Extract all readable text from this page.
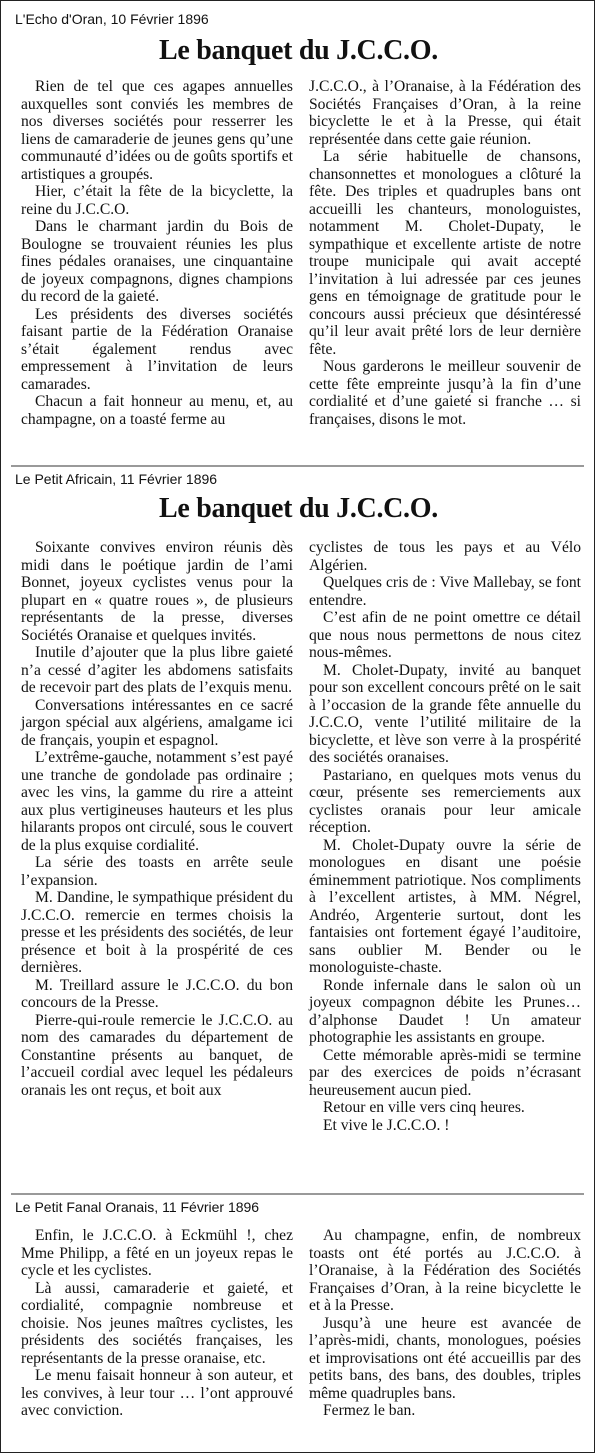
L'Echo d'Oran, 10 Février 1896
Le banquet du J.C.C.O.

Rien de tel que ces agapes annuelles auxquelles sont conviés les membres de nos diverses sociétés pour resserrer les liens de camaraderie de jeunes gens qu’une communauté d’idées ou de goûts sportifs et artistiques a groupés.

Hier, c’était la fête de la bicyclette, la reine du J.C.C.O.

Dans le charmant jardin du Bois de Boulogne se trouvaient réunies les plus fines pédales oranaises, une cinquantaine de joyeux compagnons, dignes champions du record de la gaieté.

Les présidents des diverses sociétés faisant partie de la Fédération Oranaise s’était également rendus avec empressement à l’invitation de leurs camarades.

Chacun a fait honneur au menu, et, au champagne, on a toasté ferme au

J.C.C.O., à l’Oranaise, à la Fédération des Sociétés Françaises d’Oran, à la reine bicyclette le et à la Presse, qui était représentée dans cette gaie réunion.

La série habituelle de chansons, chansonnettes et monologues a clôturé la fête. Des triples et quadruples bans ont accueilli les chanteurs, monologuistes, notamment M. Cholet-Dupaty, le sympathique et excellente artiste de notre troupe municipale qui avait accepté l’invitation à lui adressée par ces jeunes gens en témoignage de gratitude pour le concours aussi précieux que désintéressé qu’il leur avait prêté lors de leur dernière fête.

Nous garderons le meilleur souvenir de cette fête empreinte jusqu’à la fin d’une cordialité et d’une gaieté si franche … si françaises, disons le mot.

Le Petit Africain, 11 Février 1896
Le banquet du J.C.C.O.

Soixante convives environ réunis dès midi dans le poétique jardin de l’ami Bonnet, joyeux cyclistes venus pour la plupart en « quatre roues », de plusieurs représentants de la presse, diverses Sociétés Oranaise et quelques invités.

Inutile d’ajouter que la plus libre gaieté n’a cessé d’agiter les abdomens satisfaits de recevoir part des plats de l’exquis menu.

Conversations intéressantes en ce sacré jargon spécial aux algériens, amalgame ici de français, youpin et espagnol.

L’extrême-gauche, notamment s’est payé une tranche de gondolade pas ordinaire ; avec les vins, la gamme du rire a atteint aux plus vertigineuses hauteurs et les plus hilarants propos ont circulé, sous le couvert de la plus exquise cordialité.

La série des toasts en arrête seule l’expansion.

M. Dandine, le sympathique président du J.C.C.O. remercie en termes choisis la presse et les présidents des sociétés, de leur présence et boit à la prospérité de ces dernières.

M. Treillard assure le J.C.C.O. du bon concours de la Presse.

Pierre-qui-roule remercie le J.C.C.O. au nom des camarades du département de Constantine présents au banquet, de l’accueil cordial avec lequel les pédaleurs oranais les ont reçus, et boit aux

cyclistes de tous les pays et au Vélo Algérien.

Quelques cris de : Vive Mallebay, se font entendre.

C’est afin de ne point omettre ce détail que nous nous permettons de nous citez nous-mêmes.

M. Cholet-Dupaty, invité au banquet pour son excellent concours prêté on le sait à l’occasion de la grande fête annuelle du J.C.C.O, vente l’utilité militaire de la bicyclette, et lève son verre à la prospérité des sociétés oranaises.

Pastariano, en quelques mots venus du cœur, présente ses remerciements aux cyclistes oranais pour leur amicale réception.

M. Cholet-Dupaty ouvre la série de monologues en disant une poésie éminemment patriotique. Nos compliments à l’excellent artistes, à MM. Négrel, Andréo, Argenterie surtout, dont les fantaisies ont fortement égayé l’auditoire, sans oublier M. Bender ou le monologuiste-chaste.

Ronde infernale dans le salon où un joyeux compagnon débite les Prunes… d’alphonse Daudet ! Un amateur photographie les assistants en groupe.

Cette mémorable après-midi se termine par des exercices de poids n’écrasant heureusement aucun pied.

Retour en ville vers cinq heures.

Et vive le J.C.C.O. !

Le Petit Fanal Oranais, 11 Février 1896

Enfin, le J.C.C.O. à Eckmühl !, chez Mme Philipp, a fêté en un joyeux repas le cycle et les cyclistes.

Là aussi, camaraderie et gaieté, et cordialité, compagnie nombreuse et choisie. Nos jeunes maîtres cyclistes, les présidents des sociétés françaises, les représentants de la presse oranaise, etc.

Le menu faisait honneur à son auteur, et les convives, à leur tour … l’ont approuvé avec conviction.

Au champagne, enfin, de nombreux toasts ont été portés au J.C.C.O. à l’Oranaise, à la Fédération des Sociétés Françaises d’Oran, à la reine bicyclette le et à la Presse.

Jusqu’à une heure est avancée de l’après-midi, chants, monologues, poésies et improvisations ont été accueillis par des petits bans, des bans, des doubles, triples même quadruples bans.

Fermez le ban.
